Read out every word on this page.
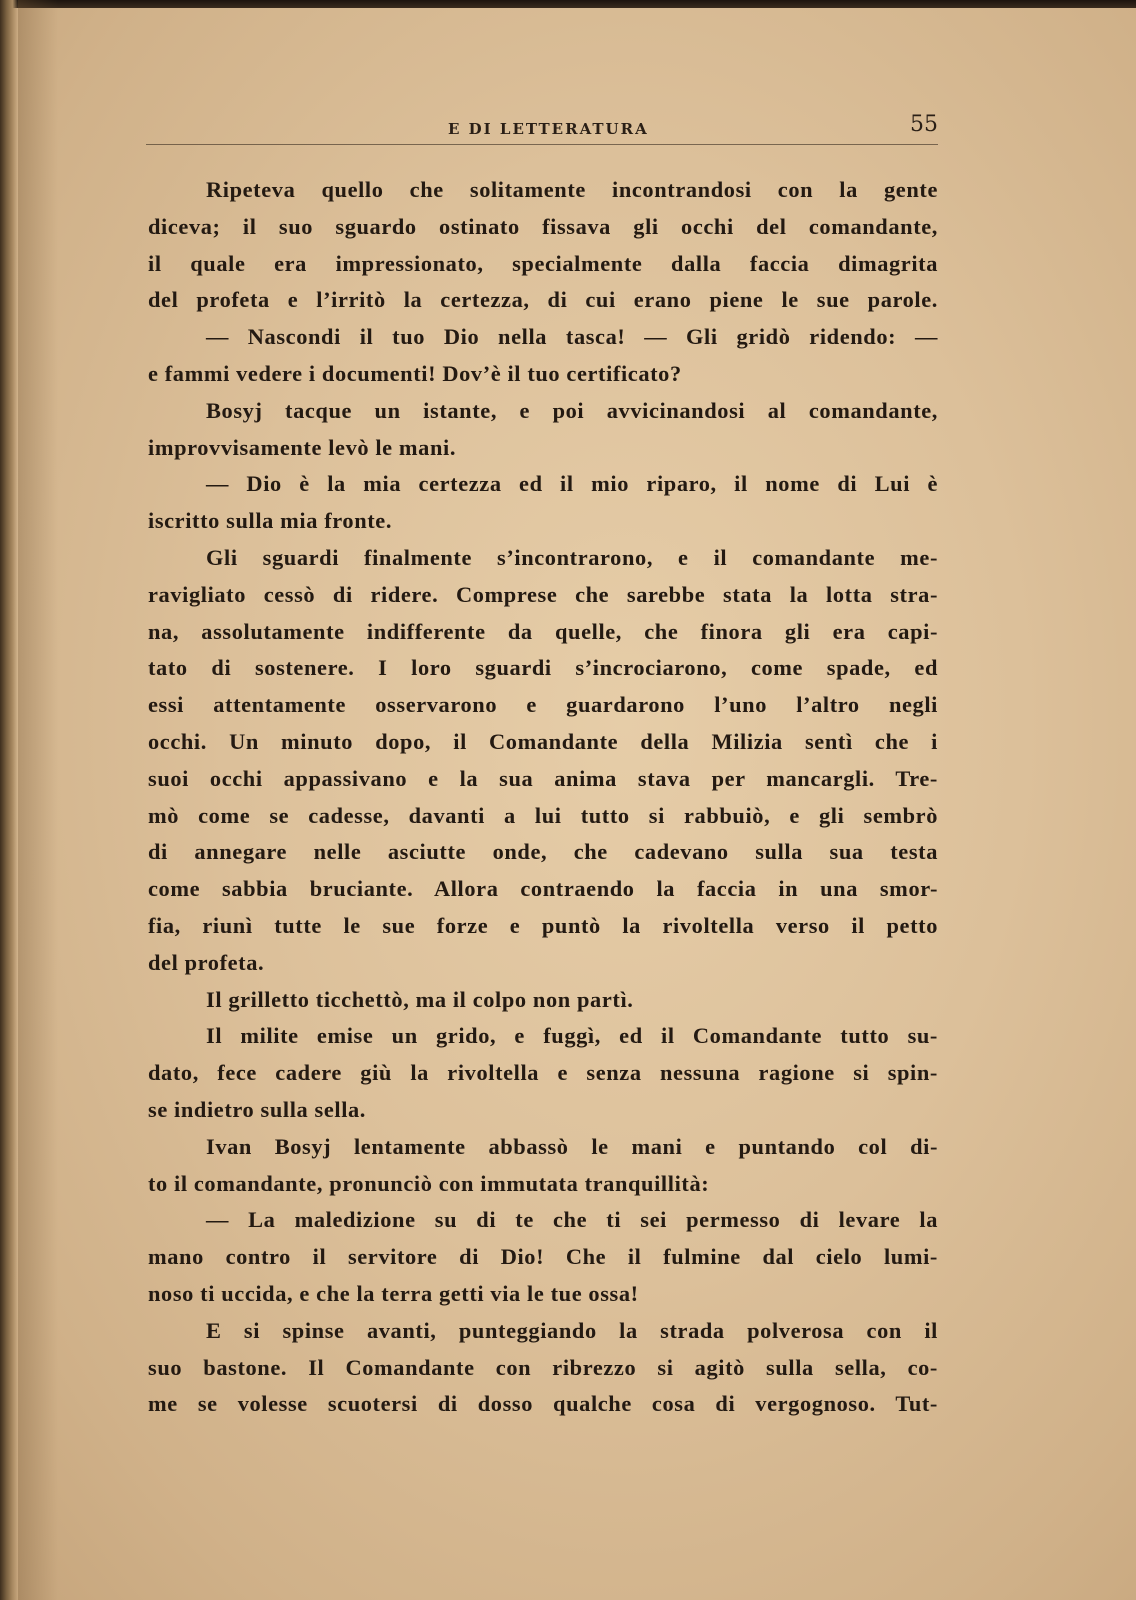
E DI LETTERATURA	55
Ripeteva quello che solitamente incontrandosi con la gente
diceva; il suo sguardo ostinato fissava gli occhi del comandante,
il quale era impressionato, specialmente dalla faccia dimagrita
del profeta e l’irritò la certezza, di cui erano piene le sue parole.
— Nascondi il tuo Dio nella tasca! — Gli gridò ridendo: —
e fammi vedere i documenti! Dov’è il tuo certificato?
Bosyj tacque un istante, e poi avvicinandosi al comandante,
improvvisamente levò le mani.
— Dio è la mia certezza ed il mio riparo, il nome di Lui è
iscritto sulla mia fronte.
Gli sguardi finalmente s’incontrarono, e il comandante me-
ravigliato cessò di ridere. Comprese che sarebbe stata la lotta stra-
na, assolutamente indifferente da quelle, che finora gli era capi-
tato di sostenere. I loro sguardi s’incrociarono, come spade, ed
essi attentamente osservarono e guardarono l’uno l’altro negli
occhi. Un minuto dopo, il Comandante della Milizia sentì che i
suoi occhi appassivano e la sua anima stava per mancargli. Tre-
mò come se cadesse, davanti a lui tutto si rabbuiò, e gli sembrò
di annegare nelle asciutte onde, che cadevano sulla sua testa
come sabbia bruciante. Allora contraendo la faccia in una smor-
fia, riunì tutte le sue forze e puntò la rivoltella verso il petto
del profeta.
Il grilletto ticchettò, ma il colpo non partì.
Il milite emise un grido, e fuggì, ed il Comandante tutto su-
dato, fece cadere giù la rivoltella e senza nessuna ragione si spin-
se indietro sulla sella.
Ivan Bosyj lentamente abbassò le mani e puntando col di-
to il comandante, pronunciò con immutata tranquillità:
— La maledizione su di te che ti sei permesso di levare la
mano contro il servitore di Dio! Che il fulmine dal cielo lumi-
noso ti uccida, e che la terra getti via le tue ossa!
E si spinse avanti, punteggiando la strada polverosa con il
suo bastone. Il Comandante con ribrezzo si agitò sulla sella, co-
me se volesse scuotersi di dosso qualche cosa di vergognoso. Tut-
